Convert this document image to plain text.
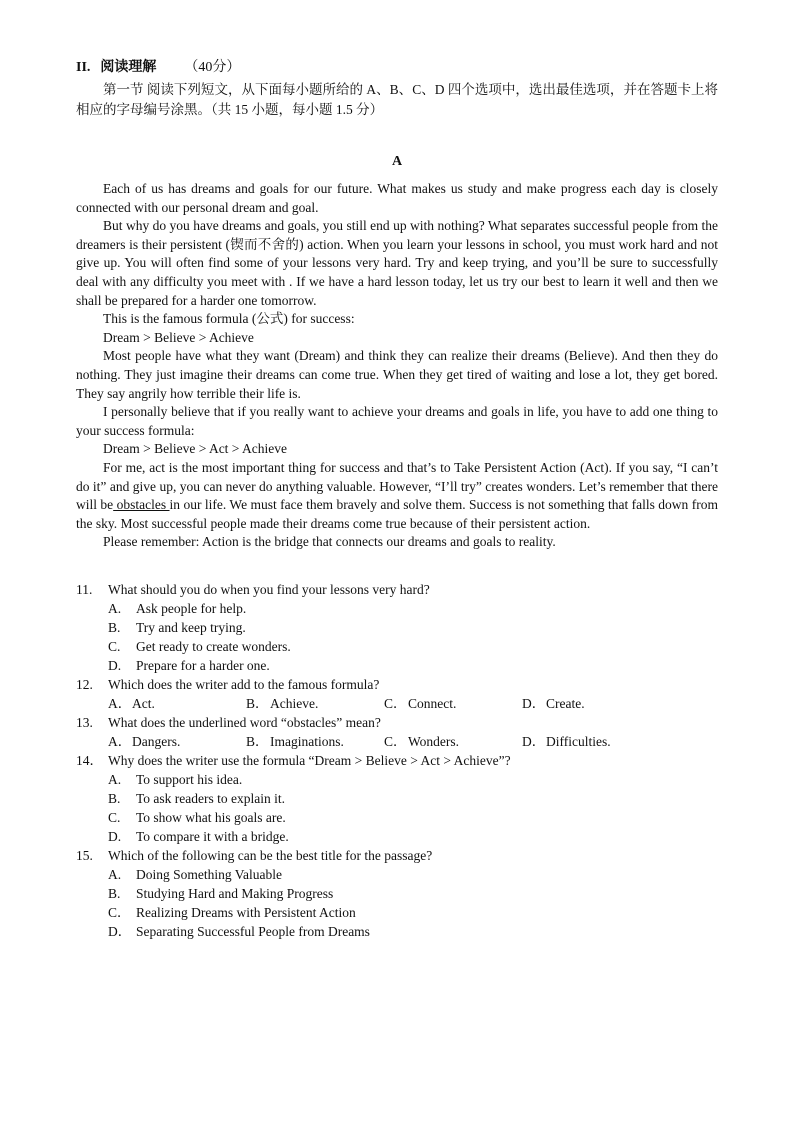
II. 阅读理解 （40分）

第一节 阅读下列短文，从下面每小题所给的 A、B、C、D 四个选项中，选出最佳选项，并在答题卡上将相应的字母编号涂黑。（共 15 小题，每小题 1.5 分）

A

Each of us has dreams and goals for our future. What makes us study and make progress each day is closely connected with our personal dream and goal.

But why do you have dreams and goals, you still end up with nothing? What separates successful people from the dreamers is their persistent (锲而不舍的) action. When you learn your lessons in school, you must work hard and not give up. You will often find some of your lessons very hard. Try and keep trying, and you’ll be sure to successfully deal with any difficulty you meet with . If we have a hard lesson today, let us try our best to learn it well and then we shall be prepared for a harder one tomorrow.

This is the famous formula (公式) for success:

Dream > Believe > Achieve

Most people have what they want (Dream) and think they can realize their dreams (Believe). And then they do nothing. They just imagine their dreams can come true. When they get tired of waiting and lose a lot, they get bored. They say angrily how terrible their life is.

I personally believe that if you really want to achieve your dreams and goals in life, you have to add one thing to your success formula:

Dream > Believe > Act > Achieve

For me, act is the most important thing for success and that’s to Take Persistent Action (Act). If you say, “I can’t do it” and give up, you can never do anything valuable. However, “I’ll try” creates wonders. Let’s remember that there will be obstacles in our life. We must face them bravely and solve them. Success is not something that falls down from the sky. Most successful people made their dreams come true because of their persistent action.

Please remember: Action is the bridge that connects our dreams and goals to reality.

11.	What should you do when you find your lessons very hard?
A.	Ask people for help.
B.	Try and keep trying.
C.	Get ready to create wonders.
D.	Prepare for a harder one.
12.	Which does the writer add to the famous formula?
A． Act.	B． Achieve.	C． Connect.	D． Create.
13.	What does the underlined word “obstacles” mean?
A． Dangers.	B． Imaginations.	C． Wonders.	D． Difficulties.
14． Why does the writer use the formula “Dream > Believe > Act > Achieve”?
A.	To support his idea.
B.	To ask readers to explain it.
C.	To show what his goals are.
D.	To compare it with a bridge.
15.	Which of the following can be the best title for the passage?
A.	Doing Something Valuable
B.	Studying Hard and Making Progress
C． Realizing Dreams with Persistent Action
D． Separating Successful People from Dreams
